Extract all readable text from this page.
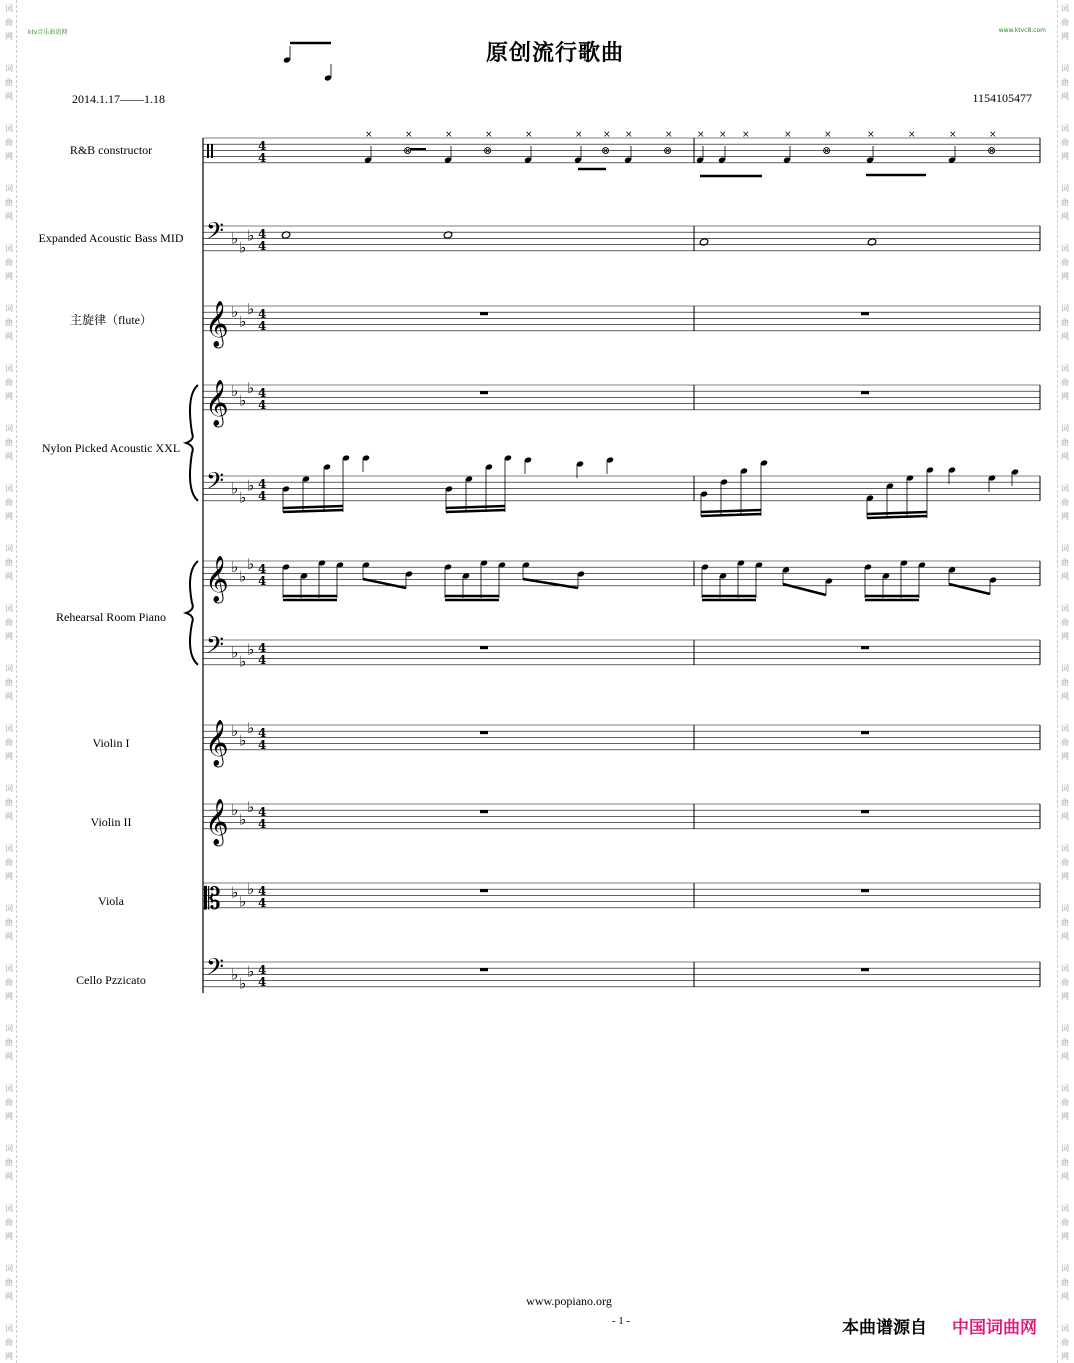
词
曲
网
词
曲
网
词
曲
网
词
曲
网
词
曲
网
词
曲
网
词
曲
网
词
曲
网
词
曲
网
词
曲
网
词
曲
网
词
曲
网
词
曲
网
词
曲
网
词
曲
网
词
曲
网
词
曲
网
词
曲
网
词
曲
网
词
曲
网
词
曲
网
词
曲
网
词
曲
网
词
曲
网
词
曲
网
词
曲
网
词
曲
网
词
曲
网
词
曲
网
词
曲
网
词
曲
网
词
曲
网
词
曲
网
词
曲
网
词
曲
网
词
曲
网
词
曲
网
词
曲
网
词
曲
网
词
曲
网
词
曲
网
词
曲
网
词
曲
网
词
曲
网
词
曲
网
词
曲
网
ktv音乐曲谱网	www.ktvc8.com
原创流行歌曲
2014.1.17——1.18	1154105477
R&B constructor
Expanded Acoustic Bass MID
主旋律（flute）
Nylon Picked Acoustic XXL
Rehearsal Room Piano
Violin I
Violin II
Viola
Cello Pzzicato
4
4
𝄢 ♭
♭
♭ 4
4
𝄞 ♭
♭
♭ 4
4
𝄞 ♭
♭
♭ 4
4
𝄢 ♭
♭
♭ 4
4
𝄞 ♭
♭
♭ 4
4
𝄢 ♭
♭
♭ 4
4
𝄞 ♭
♭
♭ 4
4
𝄞 ♭
♭
♭ 4
4
𝄡 ♭
♭
♭ 4
4
𝄢 ♭
♭
♭ 4
4
×	×	×	×	×	× × ×	×	× × ×	×	×	×	×	×	×
⊗	⊗	⊗	⊗	⊗	⊗
www.popiano.org
- 1 -	本曲谱源自 中国词曲网
